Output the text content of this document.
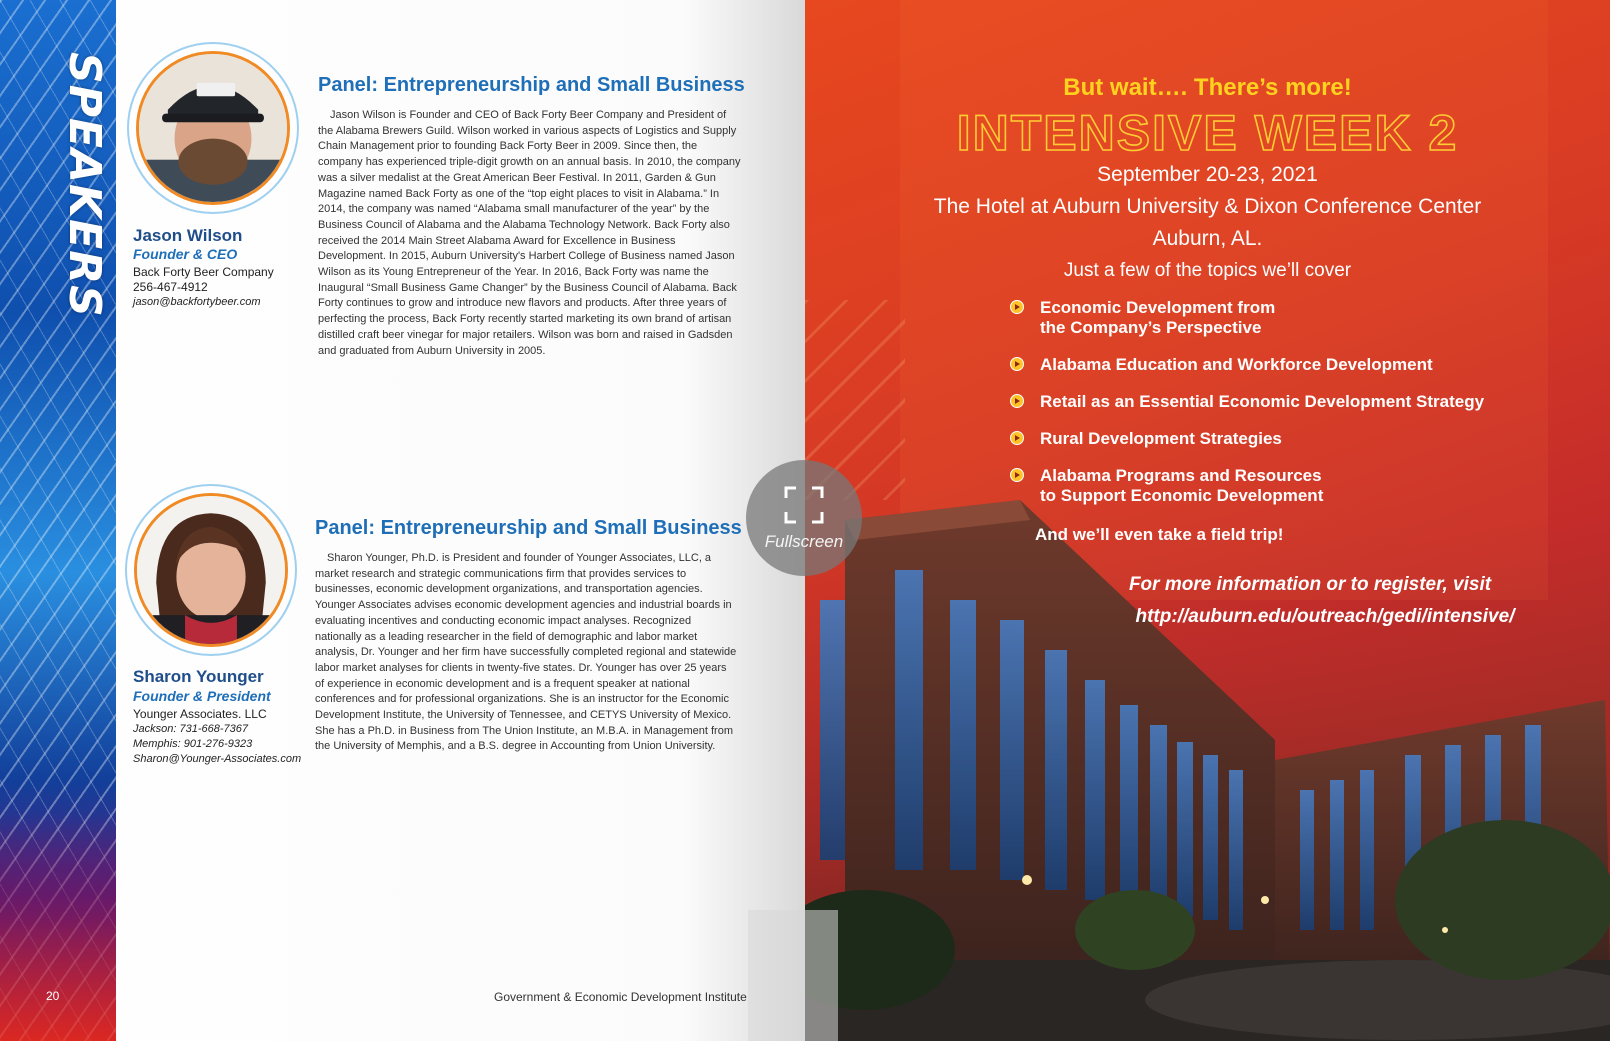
SPEAKERS
20
Jason Wilson
Founder & CEO
Back Forty Beer Company
256-467-4912
jason@backfortybeer.com
Panel: Entrepreneurship and Small Business
Jason Wilson is Founder and CEO of Back Forty Beer Company and President of the Alabama Brewers Guild. Wilson worked in various aspects of Logistics and Supply Chain Management prior to founding Back Forty Beer in 2009. Since then, the company has experienced triple-digit growth on an annual basis. In 2010, the company was a silver medalist at the Great American Beer Festival. In 2011, Garden & Gun Magazine named Back Forty as one of the “top eight places to visit in Alabama.” In 2014, the company was named “Alabama small manufacturer of the year” by the Business Council of Alabama and the Alabama Technology Network. Back Forty also received the 2014 Main Street Alabama Award for Excellence in Business Development. In 2015, Auburn University's Harbert College of Business named Jason Wilson as its Young Entrepreneur of the Year. In 2016, Back Forty was name the Inaugural “Small Business Game Changer” by the Business Council of Alabama. Back Forty continues to grow and introduce new flavors and products. After three years of perfecting the process, Back Forty recently started marketing its own brand of artisan distilled craft beer vinegar for major retailers. Wilson was born and raised in Gadsden and graduated from Auburn University in 2005.
Sharon Younger
Founder & President
Younger Associates. LLC
Jackson: 731-668-7367
Memphis: 901-276-9323
Sharon@Younger-Associates.com
Panel: Entrepreneurship and Small Business
Sharon Younger, Ph.D. is President and founder of Younger Associates, LLC, a market research and strategic communications firm that provides services to businesses, economic development organizations, and transportation agencies. Younger Associates advises economic development agencies and industrial boards in evaluating incentives and conducting economic impact analyses. Recognized nationally as a leading researcher in the field of demographic and labor market analysis, Dr. Younger and her firm have successfully completed regional and statewide labor market analyses for clients in twenty-five states. Dr. Younger has over 25 years of experience in economic development and is a frequent speaker at national conferences and for professional organizations. She is an instructor for the Economic Development Institute, the University of Tennessee, and CETYS University of Mexico. She has a Ph.D. in Business from The Union Institute, an M.B.A. in Management from the University of Memphis, and a B.S. degree in Accounting from Union University.
Government & Economic Development Institute
But wait…. There’s more!
INTENSIVE WEEK 2
September 20-23, 2021
The Hotel at Auburn University & Dixon Conference Center
Auburn, AL.
Just a few of the topics we’ll cover
Economic Development from
the Company’s Perspective
Alabama Education and Workforce Development
Retail as an Essential Economic Development Strategy
Rural Development Strategies
Alabama Programs and Resources
to Support Economic Development
And we’ll even take a field trip!
For more information or to register, visit
http://auburn.edu/outreach/gedi/intensive/
Fullscreen
